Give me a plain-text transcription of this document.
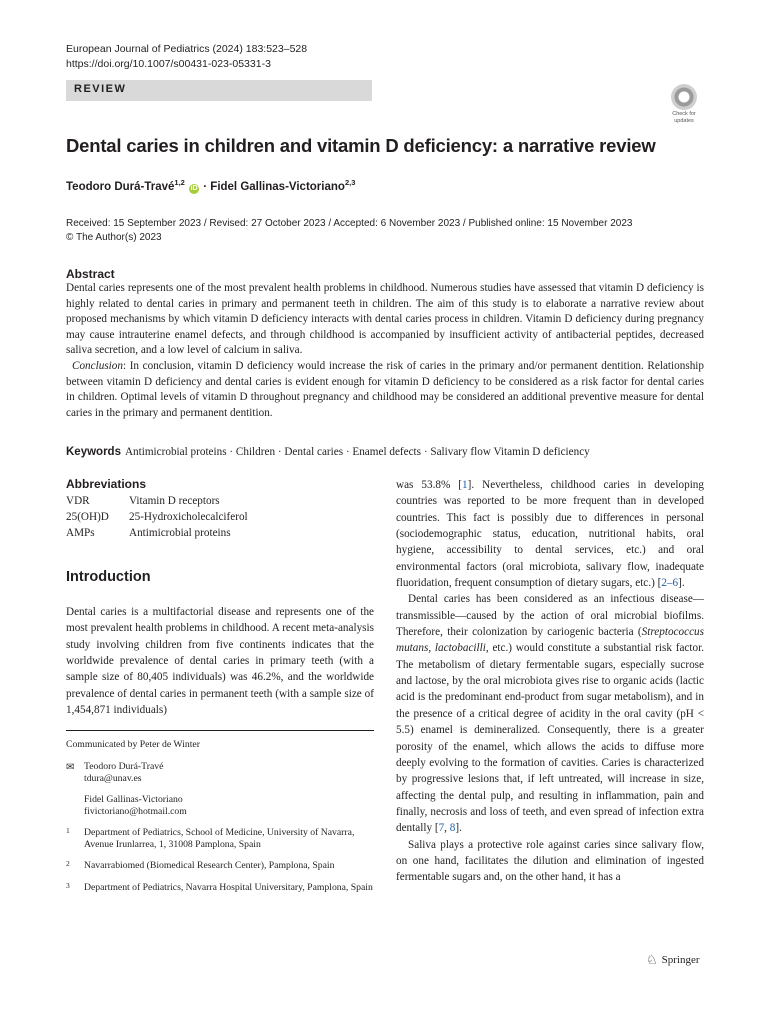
European Journal of Pediatrics (2024) 183:523–528
https://doi.org/10.1007/s00431-023-05331-3
REVIEW
Check for
updates
Dental caries in children and vitamin D deficiency: a narrative review
Teodoro Durá-Travé$^{1,2}$ iD · Fidel Gallinas-Victoriano$^{2,3}$
Received: 15 September 2023 / Revised: 27 October 2023 / Accepted: 6 November 2023 / Published online: 15 November 2023
© The Author(s) 2023
Abstract

Dental caries represents one of the most prevalent health problems in childhood. Numerous studies have assessed that vitamin D deficiency is highly related to dental caries in primary and permanent teeth in children. The aim of this study is to elaborate a narrative review about proposed mechanisms by which vitamin D deficiency interacts with dental caries process in children. Vitamin D deficiency during pregnancy may cause intrauterine enamel defects, and through childhood is accompanied by insufficient activity of antibacterial peptides, decreased saliva secretion, and a low level of calcium in saliva.

Conclusion: In conclusion, vitamin D deficiency would increase the risk of caries in the primary and/or permanent dentition. Relationship between vitamin D deficiency and dental caries is evident enough for vitamin D deficiency to be considered as a risk factor for dental caries in children. Optimal levels of vitamin D throughout pregnancy and childhood may be considered an additional preventive measure for dental caries in the primary and permanent dentition.

Keywords Antimicrobial proteins · Children · Dental caries · Enamel defects · Salivary flow Vitamin D deficiency
Abbreviations
VDR	Vitamin D receptors
25(OH)D	25-Hydroxicholecalciferol
AMPs	Antimicrobial proteins
Introduction

Dental caries is a multifactorial disease and represents one of the most prevalent health problems in childhood. A recent meta-analysis study involving children from five continents indicates that the worldwide prevalence of dental caries in primary teeth (with a sample size of 80,405 individuals) was 46.2%, and the worldwide prevalence of dental caries in permanent teeth (with a sample size of 1,454,871 individuals)

was 53.8% [1]. Nevertheless, childhood caries in developing countries was reported to be more frequent than in developed countries. This fact is possibly due to differences in personal (sociodemographic status, education, nutritional habits, oral hygiene, accessibility to dental services, etc.) and oral environmental factors (oral microbiota, salivary flow, inadequate fluoridation, frequent consumption of dietary sugars, etc.) [2–6].

Dental caries has been considered as an infectious disease—transmissible—caused by the action of oral microbial biofilms. Therefore, their colonization by cariogenic bacteria (Streptococcus mutans, lactobacilli, etc.) would constitute a substantial risk factor. The metabolism of dietary fermentable sugars, especially sucrose and lactose, by the oral microbiota gives rise to organic acids (lactic acid is the predominant end-product from sugar metabolism), and in the presence of a critical degree of acidity in the oral cavity (pH < 5.5) enamel is demineralized. Consequently, there is a greater porosity of the enamel, which allows the acids to diffuse more deeply evolving to the formation of cavities. Caries is characterized by progressive lesions that, if left untreated, will increase in size, affecting the dental pulp, and resulting in inflammation, pain and finally, necrosis and loss of teeth, and even spread of infection extra dentally [7, 8].

Saliva plays a protective role against caries since salivary flow, on one hand, facilitates the dilution and elimination of ingested fermentable sugars and, on the other hand, it has a

Communicated by Peter de Winter
✉ Teodoro Durá-Travé
tdura@unav.es
Fidel Gallinas-Victoriano
fivictoriano@hotmail.com
1 Department of Pediatrics, School of Medicine, University of Navarra, Avenue Irunlarrea, 1, 31008 Pamplona, Spain
2 Navarrabiomed (Biomedical Research Center), Pamplona, Spain
3 Department of Pediatrics, Navarra Hospital Universitary, Pamplona, Spain
♘ Springer
